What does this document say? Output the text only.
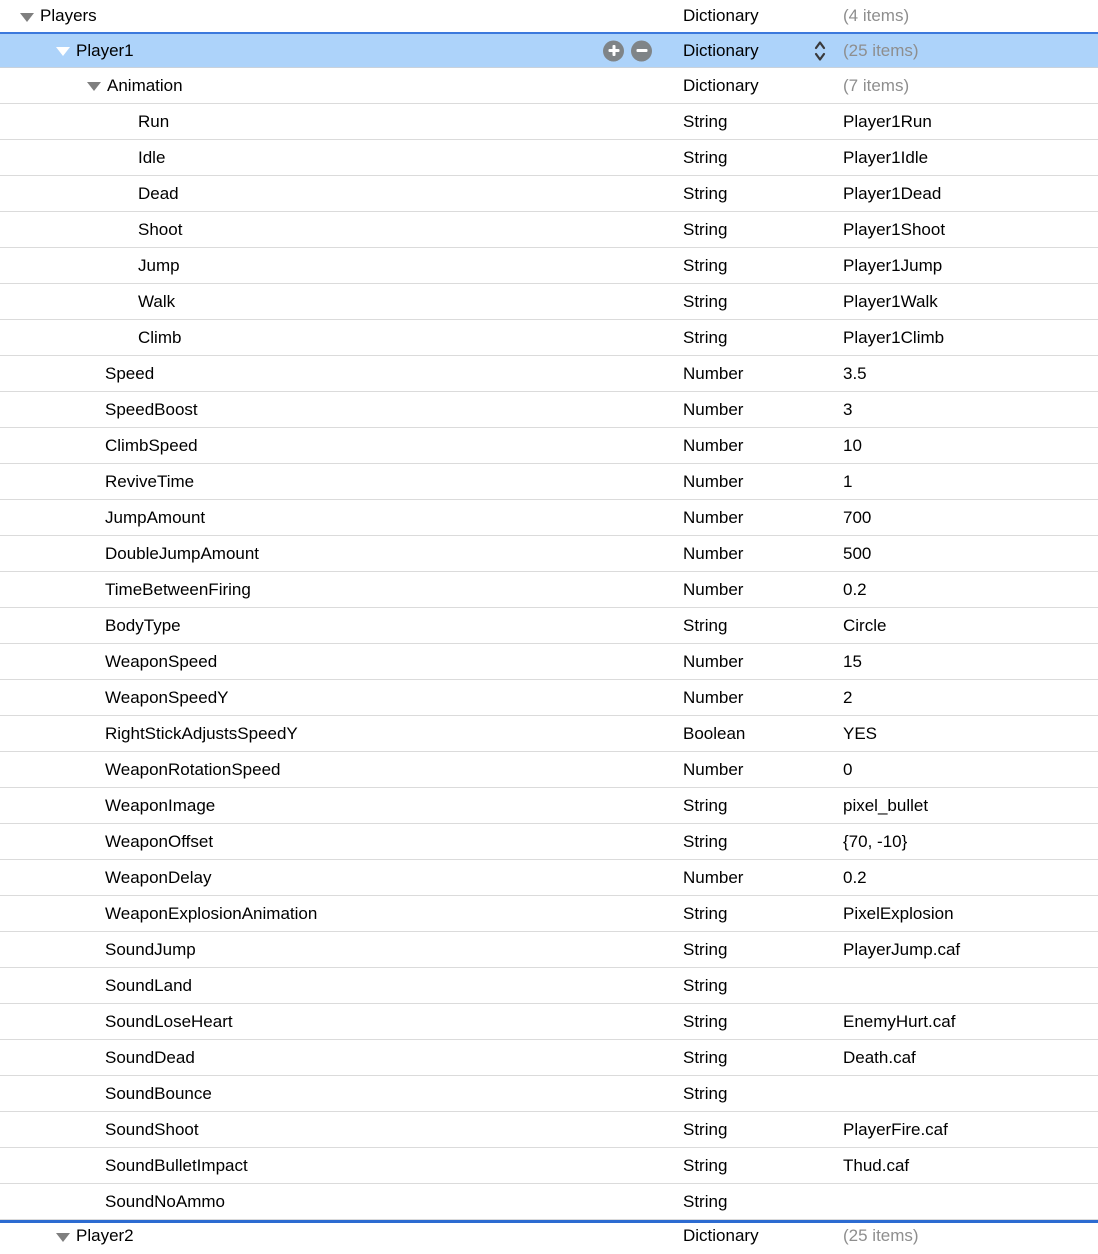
Players	Dictionary	(4 items)
Player1	Dictionary	(25 items)
Animation	Dictionary	(7 items)
Run	String	Player1Run
Idle	String	Player1Idle
Dead	String	Player1Dead
Shoot	String	Player1Shoot
Jump	String	Player1Jump
Walk	String	Player1Walk
Climb	String	Player1Climb
Speed	Number	3.5
SpeedBoost	Number	3
ClimbSpeed	Number	10
ReviveTime	Number	1
JumpAmount	Number	700
DoubleJumpAmount	Number	500
TimeBetweenFiring	Number	0.2
BodyType	String	Circle
WeaponSpeed	Number	15
WeaponSpeedY	Number	2
RightStickAdjustsSpeedY	Boolean	YES
WeaponRotationSpeed	Number	0
WeaponImage	String	pixel_bullet
WeaponOffset	String	{70, -10}
WeaponDelay	Number	0.2
WeaponExplosionAnimation	String	PixelExplosion
SoundJump	String	PlayerJump.caf
SoundLand	String
SoundLoseHeart	String	EnemyHurt.caf
SoundDead	String	Death.caf
SoundBounce	String
SoundShoot	String	PlayerFire.caf
SoundBulletImpact	String	Thud.caf
SoundNoAmmo	String
Player2	Dictionary	(25 items)
